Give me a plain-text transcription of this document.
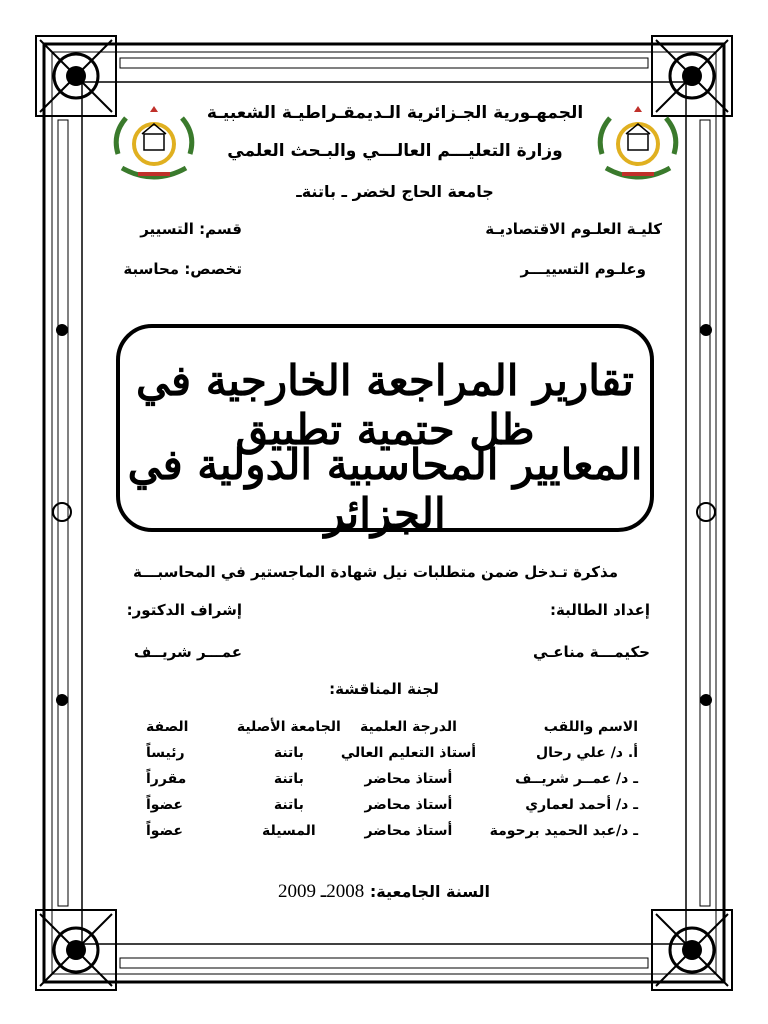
الجمهـورية الجـزائرية الـديمقـراطيـة الشعبيـة
وزارة التعليـــم العالـــي والبـحث العلمي
جامعة الحاج لخضر ـ باتنةـ
كليـة العلـوم الاقتصاديـة
وعلـوم التسييـــر
قسم: التسيير
تخصص: محاسبة
تقارير المراجعة الخارجية في ظل حتمية تطبيق
المعايير المحاسبية الدولية في الجزائر
مذكرة تـدخل ضمن متطلبات نيل شهادة الماجستير في المحاسبـــة
إعداد الطالبة:
إشراف الدكتور:
حكيمـــة مناعـي
عمـــر شريــف
لجنة المناقشة:
الاسم واللقب	الدرجة العلمية	الجامعة الأصلية	الصفة
أ. د/ علي رحال	أستاذ التعليم العالي	باتنة	رئيساً
ـ د/ عمــر شريــف	أستاذ محاضر	باتنة	مقرراً
ـ د/ أحمد لعماري	أستاذ محاضر	باتنة	عضواً
ـ د/عبد الحميد برحومة	أستاذ محاضر	المسيلة	عضواً
السنة الجامعية: 2008ـ 2009
